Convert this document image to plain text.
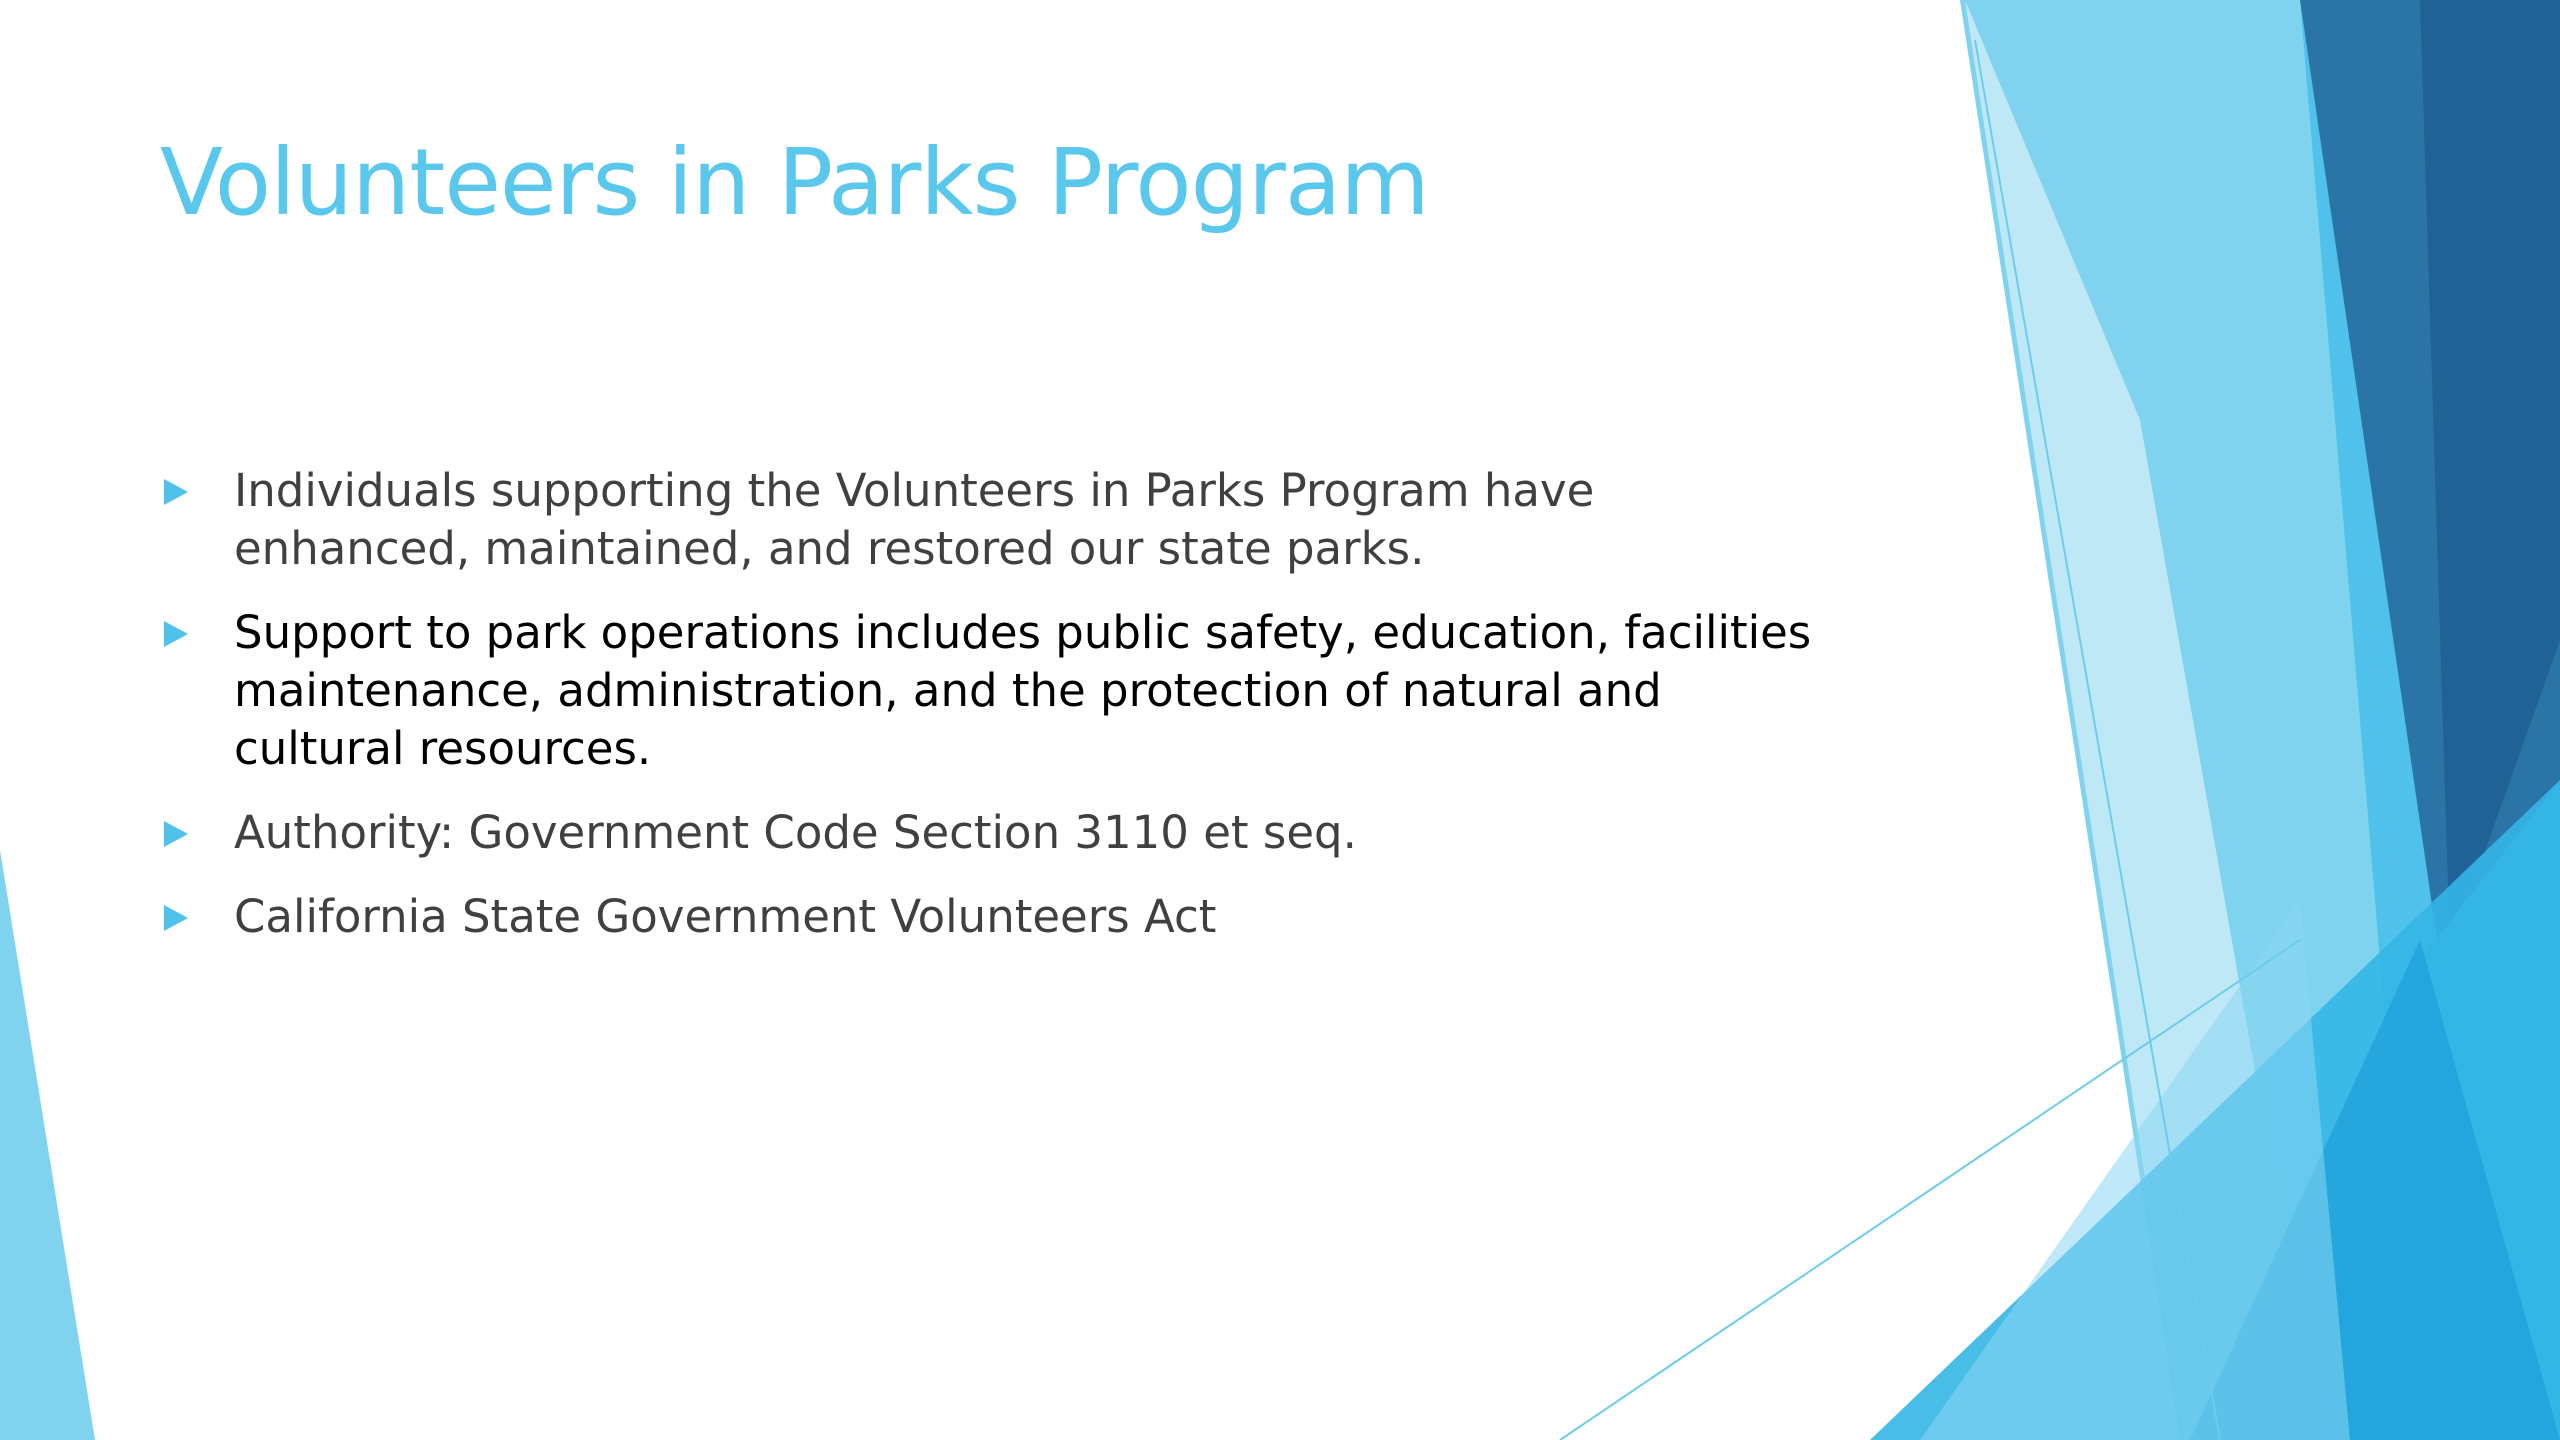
Volunteers in Parks Program
Individuals supporting the Volunteers in Parks Program have enhanced, maintained, and restored our state parks.
Support to park operations includes public safety, education, facilities maintenance, administration, and the protection of natural and cultural resources.
Authority: Government Code Section 3110 et seq.
California State Government Volunteers Act
